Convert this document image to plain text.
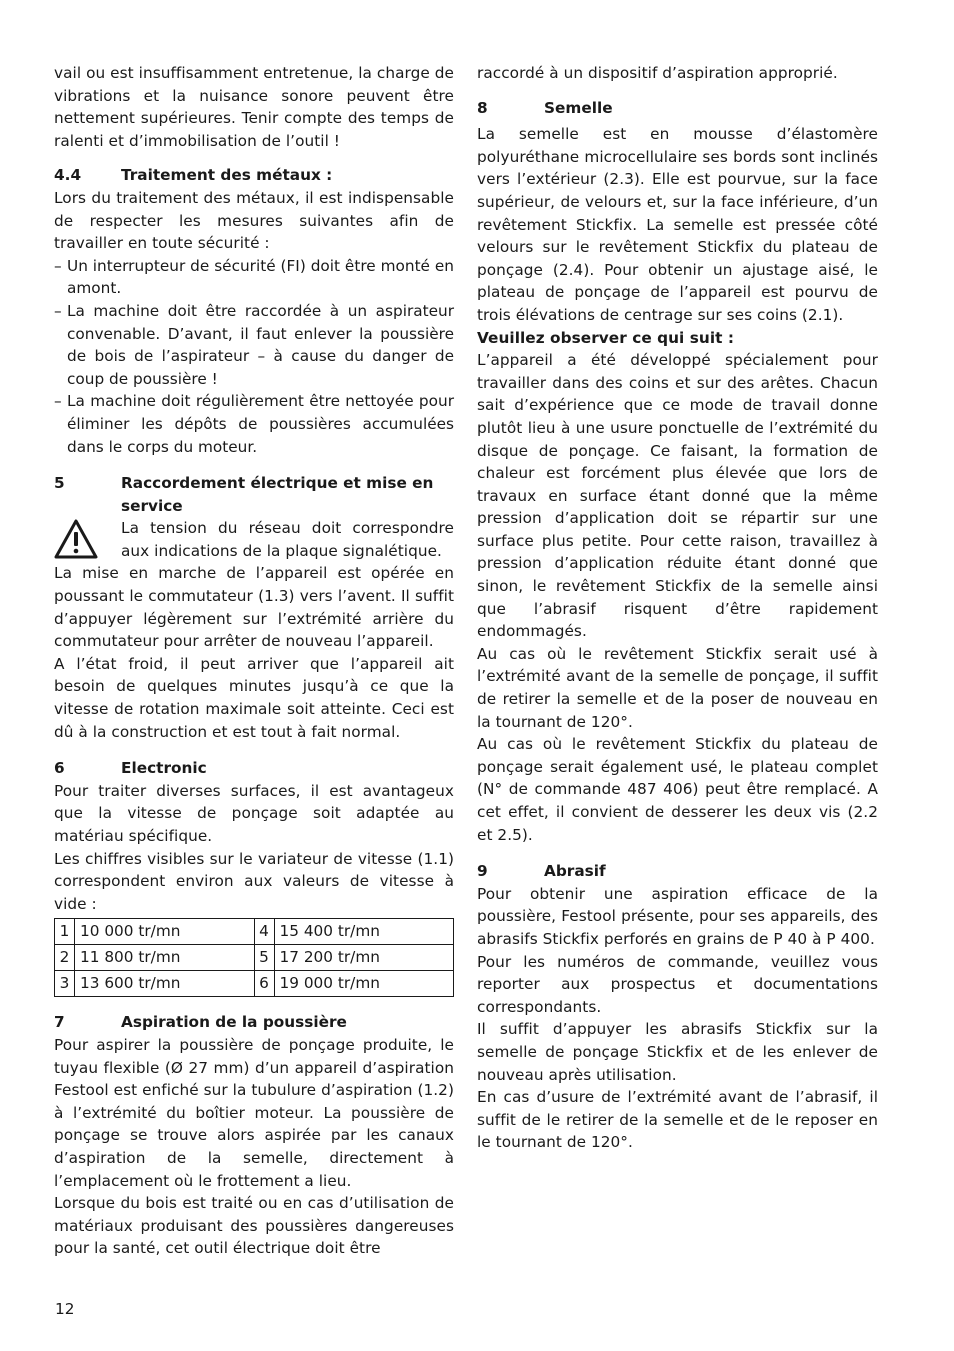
vail ou est insuffisamment entretenue, la charge de vibrations et la nuisance sonore peuvent être nettement supérieures. Tenir compte des temps de ralenti et d’immobilisation de l’outil !

4.4	Traitement des métaux :

Lors du traitement des métaux, il est indispensable de respecter les mesures suivantes afin de travailler en toute sécurité :

– Un interrupteur de sécurité (FI) doit être monté en amont.
– La machine doit être raccordée à un aspirateur convenable. D’avant, il faut enlever la poussière de bois de l’aspirateur – à cause du danger de coup de poussière !
– La machine doit régulièrement être nettoyée pour éliminer les dépôts de poussières accumulées dans le corps du moteur.
5	Raccordement électrique et mise en service

La tension du réseau doit correspondre aux indications de la plaque signalétique.

La mise en marche de l’appareil est opérée en poussant le commutateur (1.3) vers l’avent. Il suffit d’appuyer légèrement sur l’extrémité arrière du commutateur pour arrêter de nouveau l’appareil.

A l’état froid, il peut arriver que l’appareil ait besoin de quelques minutes jusqu’à ce que la vitesse de rotation maximale soit atteinte. Ceci est dû à la construction et est tout à fait normal.

6	Electronic

Pour traiter diverses surfaces, il est avantageux que la vitesse de ponçage soit adaptée au matériau spécifique.

Les chiffres visibles sur le variateur de vitesse (1.1) correspondent environ aux valeurs de vitesse à vide :

1	10 000 tr/mn	4	15 400 tr/mn
2	11 800 tr/mn	5	17 200 tr/mn
3	13 600 tr/mn	6	19 000 tr/mn
7	Aspiration de la poussière

Pour aspirer la poussière de ponçage produite, le tuyau flexible (Ø 27 mm) d’un appareil d’aspiration Festool est enfiché sur la tubulure d’aspiration (1.2) à l’extrémité du boîtier moteur. La poussière de ponçage se trouve alors aspirée par les canaux d’aspiration de la semelle, directement à l’emplacement où le frottement a lieu.

Lorsque du bois est traité ou en cas d’utilisation de matériaux produisant des poussières dangereuses pour la santé, cet outil électrique doit être

raccordé à un dispositif d’aspiration approprié.

8	Semelle

La semelle est en mousse d’élastomère polyuréthane microcellulaire ses bords sont inclinés vers l’extérieur (2.3). Elle est pourvue, sur la face supérieur, de velours et, sur la face inférieure, d’un revêtement Stickfix. La semelle est pressée côté velours sur le revêtement Stickfix du plateau de ponçage (2.4). Pour obtenir un ajustage aisé, le plateau de ponçage de l’appareil est pourvu de trois élévations de centrage sur ses coins (2.1).

Veuillez observer ce qui suit :

L’appareil a été développé spécialement pour travailler dans des coins et sur des arêtes. Chacun sait d’expérience que ce mode de travail donne plutôt lieu à une usure ponctuelle de l’extrémité du disque de ponçage. Ce faisant, la formation de chaleur est forcément plus élevée que lors de travaux en surface étant donné que la même pression d’application doit se répartir sur une surface plus petite. Pour cette raison, travaillez à pression d’application réduite étant donné que sinon, le revêtement Stickfix de la semelle ainsi que l’abrasif risquent d’être rapidement endommagés.

Au cas où le revêtement Stickfix serait usé à l’extrémité avant de la semelle de ponçage, il suffit de retirer la semelle et de la poser de nouveau en la tournant de 120°.

Au cas où le revêtement Stickfix du plateau de ponçage serait également usé, le plateau complet (N° de commande 487 406) peut être remplacé. A cet effet, il convient de desserer les deux vis (2.2 et 2.5).

9	Abrasif

Pour obtenir une aspiration efficace de la poussière, Festool présente, pour ses appareils, des abrasifs Stickfix perforés en grains de P 40 à P 400.

Pour les numéros de commande, veuillez vous reporter aux prospectus et documentations correspondants.

Il suffit d’appuyer les abrasifs Stickfix sur la semelle de ponçage Stickfix et de les enlever de nouveau après utilisation.

En cas d’usure de l’extrémité avant de l’abrasif, il suffit de le retirer de la semelle et de le reposer en le tournant de 120°.

12
